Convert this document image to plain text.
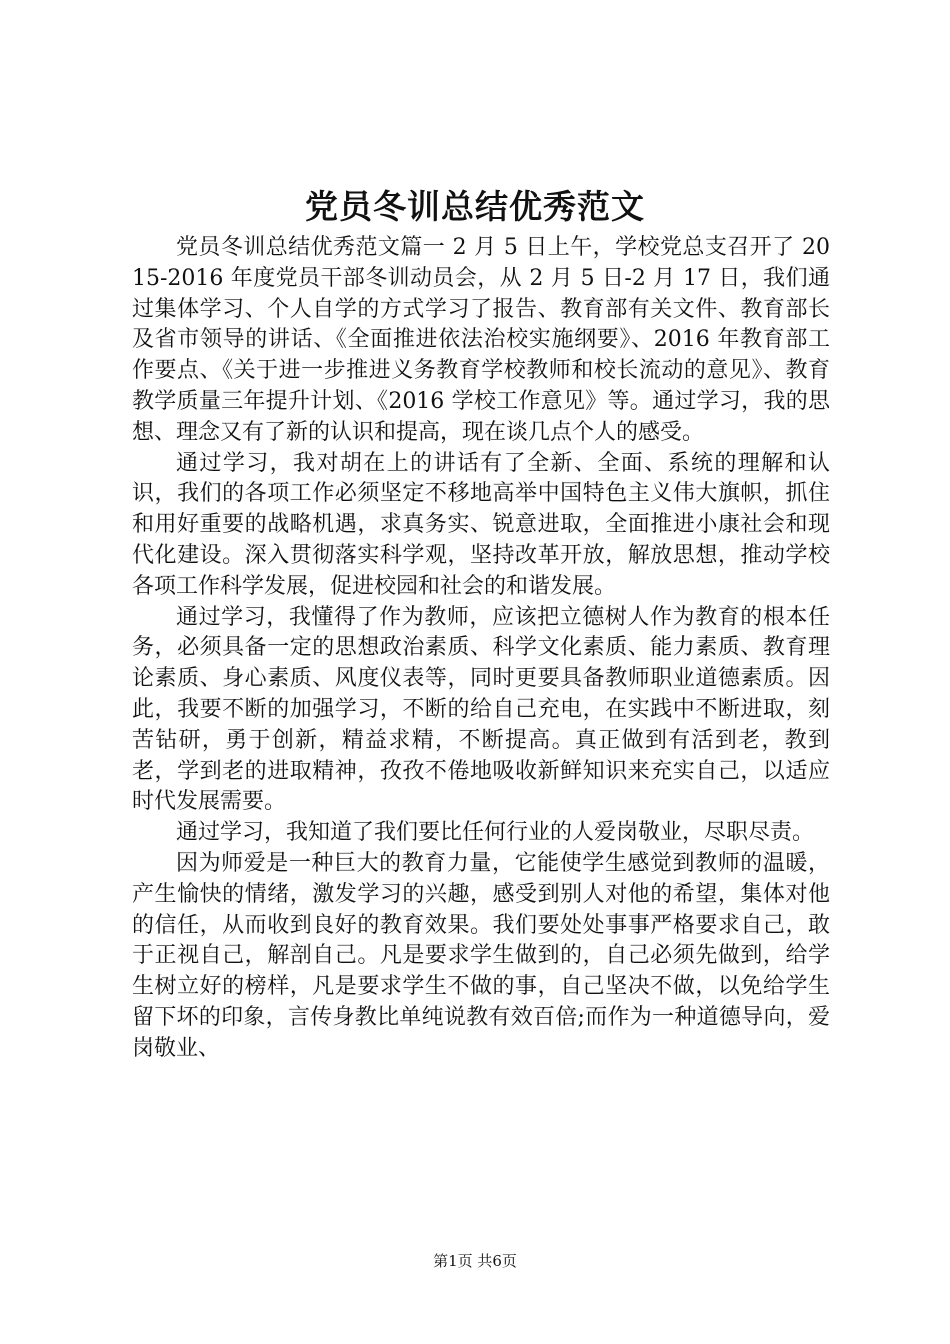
党员冬训总结优秀范文

党员冬训总结优秀范文篇一 2 月 5 日上午，学校党总支召开了 2015-2016 年度党员干部冬训动员会，从 2 月 5 日-2 月 17 日，我们通过集体学习、个人自学的方式学习了报告、教育部有关文件、教育部长及省市领导的讲话、《全面推进依法治校实施纲要》、2016 年教育部工作要点、《关于进一步推进义务教育学校教师和校长流动的意见》、教育教学质量三年提升计划、《2016 学校工作意见》等。通过学习，我的思想、理念又有了新的认识和提高，现在谈几点个人的感受。

通过学习，我对胡在上的讲话有了全新、全面、系统的理解和认识，我们的各项工作必须坚定不移地高举中国特色主义伟大旗帜，抓住和用好重要的战略机遇，求真务实、锐意进取，全面推进小康社会和现代化建设。深入贯彻落实科学观，坚持改革开放，解放思想，推动学校各项工作科学发展，促进校园和社会的和谐发展。

通过学习，我懂得了作为教师，应该把立德树人作为教育的根本任务，必须具备一定的思想政治素质、科学文化素质、能力素质、教育理论素质、身心素质、风度仪表等，同时更要具备教师职业道德素质。因此，我要不断的加强学习，不断的给自己充电，在实践中不断进取，刻苦钻研，勇于创新，精益求精，不断提高。真正做到有活到老，教到老，学到老的进取精神，孜孜不倦地吸收新鲜知识来充实自己，以适应时代发展需要。

通过学习，我知道了我们要比任何行业的人爱岗敬业，尽职尽责。

因为师爱是一种巨大的教育力量，它能使学生感觉到教师的温暖，产生愉快的情绪，激发学习的兴趣，感受到别人对他的希望，集体对他的信任，从而收到良好的教育效果。我们要处处事事严格要求自己，敢于正视自己，解剖自己。凡是要求学生做到的，自己必须先做到，给学生树立好的榜样，凡是要求学生不做的事，自己坚决不做，以免给学生留下坏的印象，言传身教比单纯说教有效百倍;而作为一种道德导向，爱岗敬业、

第1页 共6页
